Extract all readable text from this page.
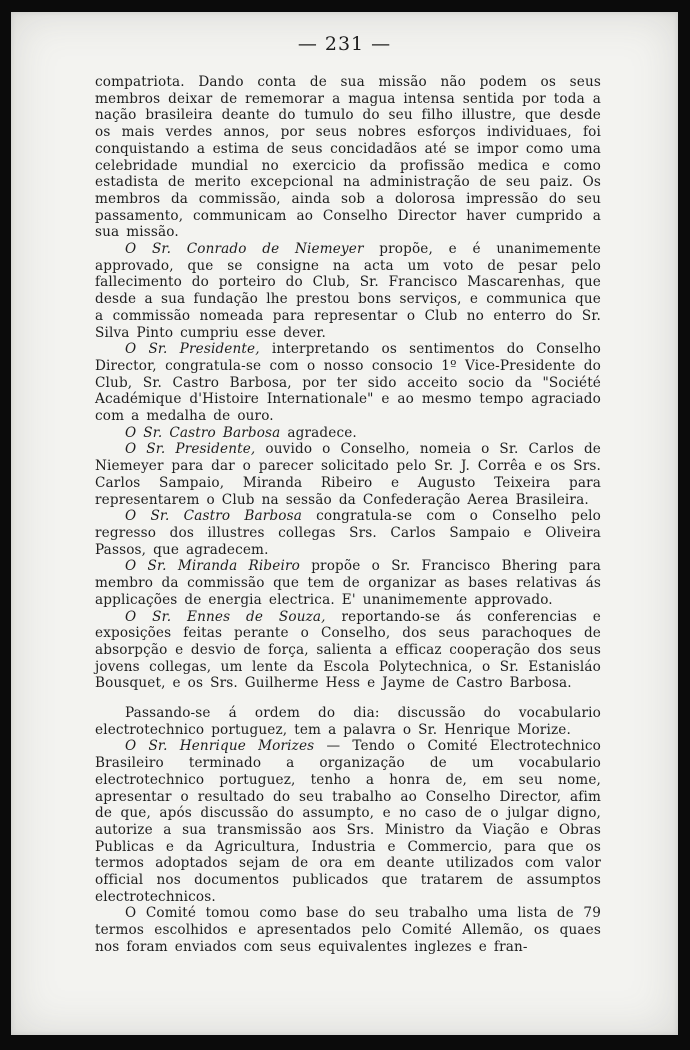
— 231 —

compatriota. Dando conta de sua missão não podem os seus membros deixar de rememorar a magua intensa sentida por toda a nação brasileira deante do tumulo do seu filho illustre, que desde os mais verdes annos, por seus nobres esforços individuaes, foi conquistando a estima de seus concidadãos até se impor como uma celebridade mundial no exercicio da profissão medica e como estadista de merito excepcional na administração de seu paiz. Os membros da commissão, ainda sob a dolorosa impressão do seu passamento, communicam ao Conselho Director haver cumprido a sua missão.

O Sr. Conrado de Niemeyer propõe, e é unanimemente approvado, que se consigne na acta um voto de pesar pelo fallecimento do porteiro do Club, Sr. Francisco Mascarenhas, que desde a sua fundação lhe prestou bons serviços, e communica que a commissão nomeada para representar o Club no enterro do Sr. Silva Pinto cumpriu esse dever.

O Sr. Presidente, interpretando os sentimentos do Conselho Director, congratula-se com o nosso consocio 1º Vice-Presidente do Club, Sr. Castro Barbosa, por ter sido acceito socio da "Société Académique d'Histoire Internationale" e ao mesmo tempo agraciado com a medalha de ouro.

O Sr. Castro Barbosa agradece.

O Sr. Presidente, ouvido o Conselho, nomeia o Sr. Carlos de Niemeyer para dar o parecer solicitado pelo Sr. J. Corrêa e os Srs. Carlos Sampaio, Miranda Ribeiro e Augusto Teixeira para representarem o Club na sessão da Confederação Aerea Brasileira.

O Sr. Castro Barbosa congratula-se com o Conselho pelo regresso dos illustres collegas Srs. Carlos Sampaio e Oliveira Passos, que agradecem.

O Sr. Miranda Ribeiro propõe o Sr. Francisco Bhering para membro da commissão que tem de organizar as bases relativas ás applicações de energia electrica. E' unanimemente approvado.

O Sr. Ennes de Souza, reportando-se ás conferencias e exposições feitas perante o Conselho, dos seus parachoques de absorpção e desvio de força, salienta a efficaz cooperação dos seus jovens collegas, um lente da Escola Polytechnica, o Sr. Estanisláo Bousquet, e os Srs. Guilherme Hess e Jayme de Castro Barbosa.

Passando-se á ordem do dia: discussão do vocabulario electrotechnico portuguez, tem a palavra o Sr. Henrique Morize.

O Sr. Henrique Morizes — Tendo o Comité Electrotechnico Brasileiro terminado a organização de um vocabulario electrotechnico portuguez, tenho a honra de, em seu nome, apresentar o resultado do seu trabalho ao Conselho Director, afim de que, após discussão do assumpto, e no caso de o julgar digno, autorize a sua transmissão aos Srs. Ministro da Viação e Obras Publicas e da Agricultura, Industria e Commercio, para que os termos adoptados sejam de ora em deante utilizados com valor official nos documentos publicados que tratarem de assumptos electrotechnicos.

O Comité tomou como base do seu trabalho uma lista de 79 termos escolhidos e apresentados pelo Comité Allemão, os quaes nos foram enviados com seus equivalentes inglezes e fran-
